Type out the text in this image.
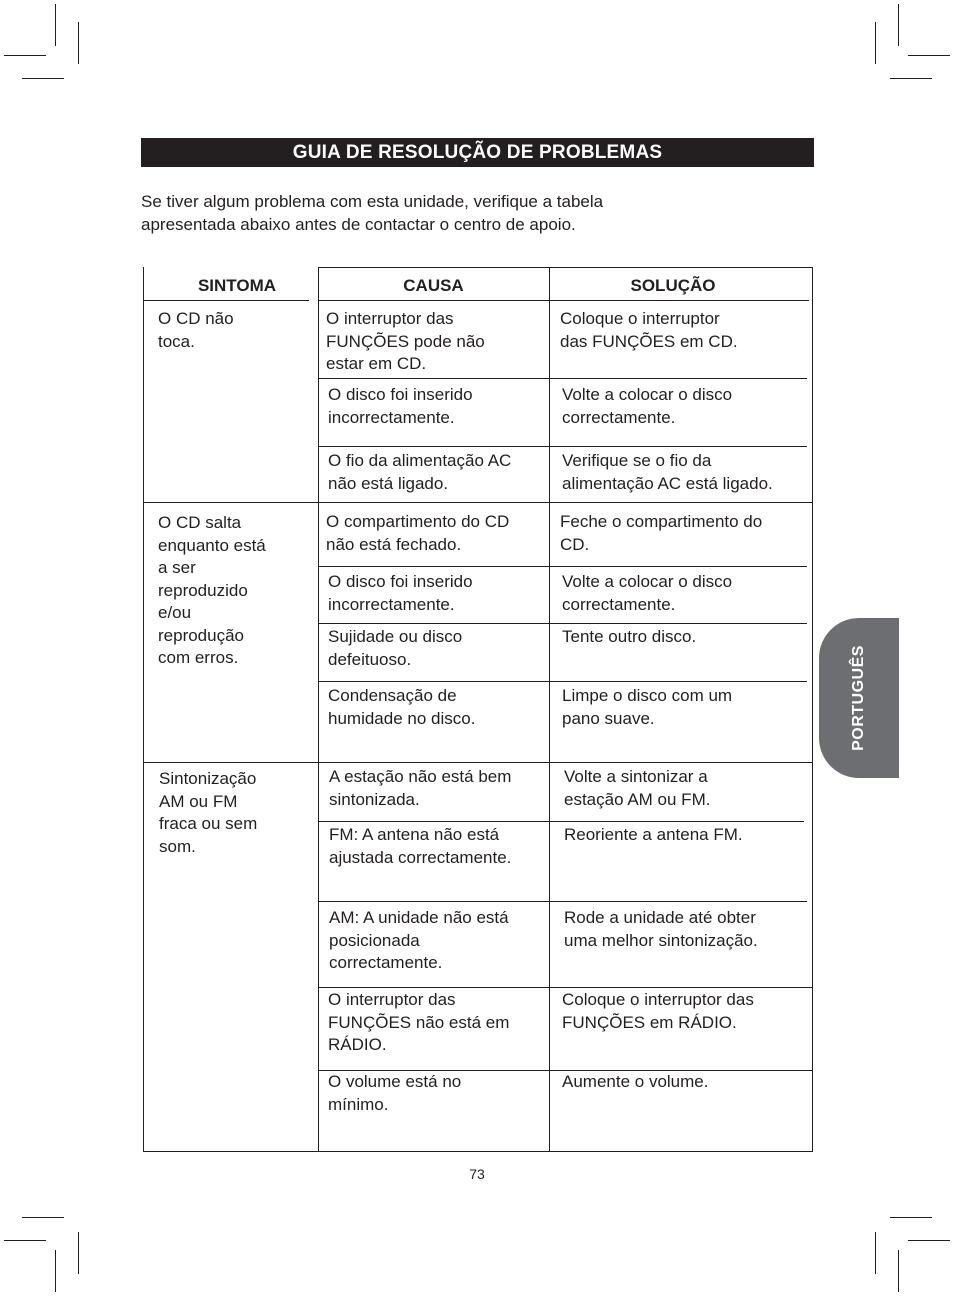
GUIA DE RESOLUÇÃO DE PROBLEMAS

Se tiver algum problema com esta unidade, verifique a tabela

apresentada abaixo antes de contactar o centro de apoio.

SINTOMA	CAUSA	SOLUÇÃO
O CD não
toca.
O CD salta
enquanto está
a ser
reproduzido
e/ou
reprodução
com erros.
Sintonização
AM ou FM
fraca ou sem
som.
O interruptor das
FUNÇÕES pode não
estar em CD.
Coloque o interruptor
das FUNÇÕES em CD.
O disco foi inserido
incorrectamente.
Volte a colocar o disco
correctamente.
O fio da alimentação AC
não está ligado.
Verifique se o fio da
alimentação AC está ligado.
O compartimento do CD
não está fechado.
Feche o compartimento do
CD.
O disco foi inserido
incorrectamente.
Volte a colocar o disco
correctamente.
Sujidade ou disco
defeituoso.
Tente outro disco.
Condensação de
humidade no disco.
Limpe o disco com um
pano suave.
A estação não está bem
sintonizada.
Volte a sintonizar a
estação AM ou FM.
FM: A antena não está
ajustada correctamente.
Reoriente a antena FM.
AM: A unidade não está
posicionada
correctamente.
Rode a unidade até obter
uma melhor sintonização.
O interruptor das
FUNÇÕES não está em
RÁDIO.
Coloque o interruptor das
FUNÇÕES em RÁDIO.
O volume está no
mínimo.
Aumente o volume.
PORTUGUÊS
73
